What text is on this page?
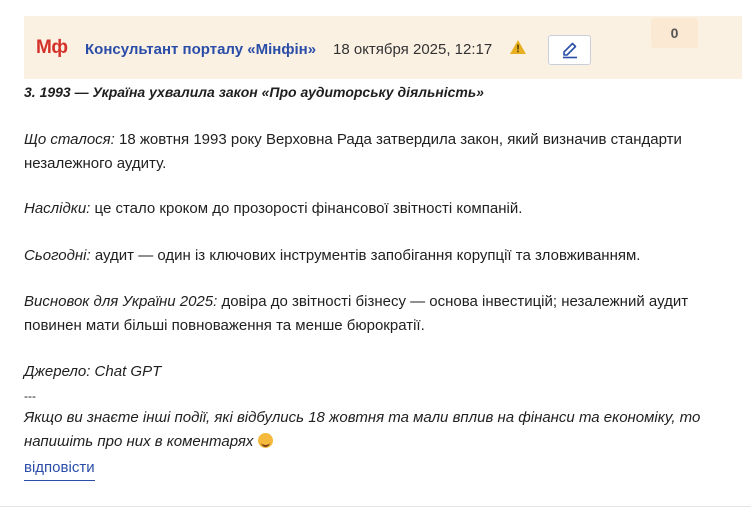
Мф Консультант порталу «Мінфін» 18 октября 2025, 12:17
0
3. 1993 — Україна ухвалила закон «Про аудиторську діяльність»
Що сталося: 18 жовтня 1993 року Верховна Рада затвердила закон, який визначив стандарти незалежного аудиту.
Наслідки: це стало кроком до прозорості фінансової звітності компаній.
Сьогодні: аудит — один із ключових інструментів запобігання корупції та зловживанням.
Висновок для України 2025: довіра до звітності бізнесу — основа інвестицій; незалежний аудит повинен мати більші повноваження та менше бюрократії.
Джерело: Chat GPT
---
Якщо ви знаєте інші події, які відбулись 18 жовтня та мали вплив на фінанси та економіку, то напишіть про них в коментарях
відповісти
